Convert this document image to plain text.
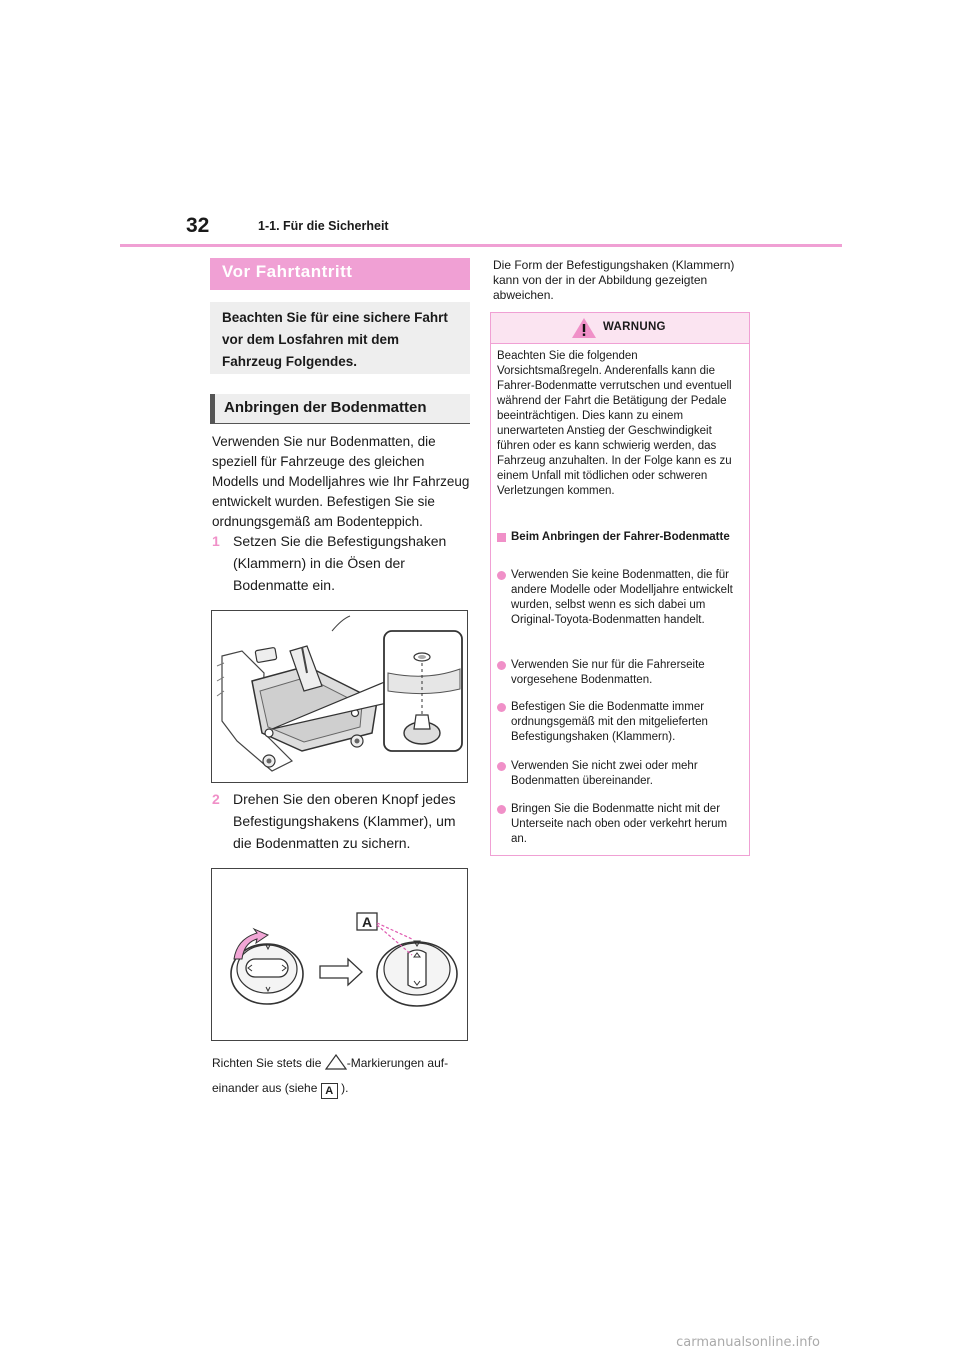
32	1-1. Für die Sicherheit
Vor Fahrtantritt
Beachten Sie für eine sichere Fahrt vor dem Losfahren mit dem Fahrzeug Folgendes.
Anbringen der Bodenmatten
Verwenden Sie nur Bodenmatten, die speziell für Fahrzeuge des gleichen Modells und Modelljahres wie Ihr Fahrzeug entwickelt wurden. Befestigen Sie sie ordnungsgemäß am Bodenteppich.
1 Setzen Sie die Befestigungshaken (Klammern) in die Ösen der Bodenmatte ein.
2 Drehen Sie den oberen Knopf jedes Befestigungshakens (Klammer), um die Bodenmatten zu sichern.
A
Richten Sie stets die -Markierungen auf-
einander aus (siehe A ).
Die Form der Befestigungshaken (Klammern) kann von der in der Abbildung gezeigten abweichen.
WARNUNG
Beachten Sie die folgenden Vorsichtsmaßregeln. Anderenfalls kann die Fahrer-Bodenmatte verrutschen und eventuell während der Fahrt die Betätigung der Pedale beeinträchtigen. Dies kann zu einem unerwarteten Anstieg der Geschwindigkeit führen oder es kann schwierig werden, das Fahrzeug anzuhalten. In der Folge kann es zu einem Unfall mit tödlichen oder schweren Verletzungen kommen.
Beim Anbringen der Fahrer-Bodenmatte
Verwenden Sie keine Bodenmatten, die für andere Modelle oder Modelljahre entwickelt wurden, selbst wenn es sich dabei um Original-Toyota-Bodenmatten handelt.
Verwenden Sie nur für die Fahrerseite vorgesehene Bodenmatten.
Befestigen Sie die Bodenmatte immer ordnungsgemäß mit den mitgelieferten Befestigungshaken (Klammern).
Verwenden Sie nicht zwei oder mehr Bodenmatten übereinander.
Bringen Sie die Bodenmatte nicht mit der Unterseite nach oben oder verkehrt herum an.
carmanualsonline.info
